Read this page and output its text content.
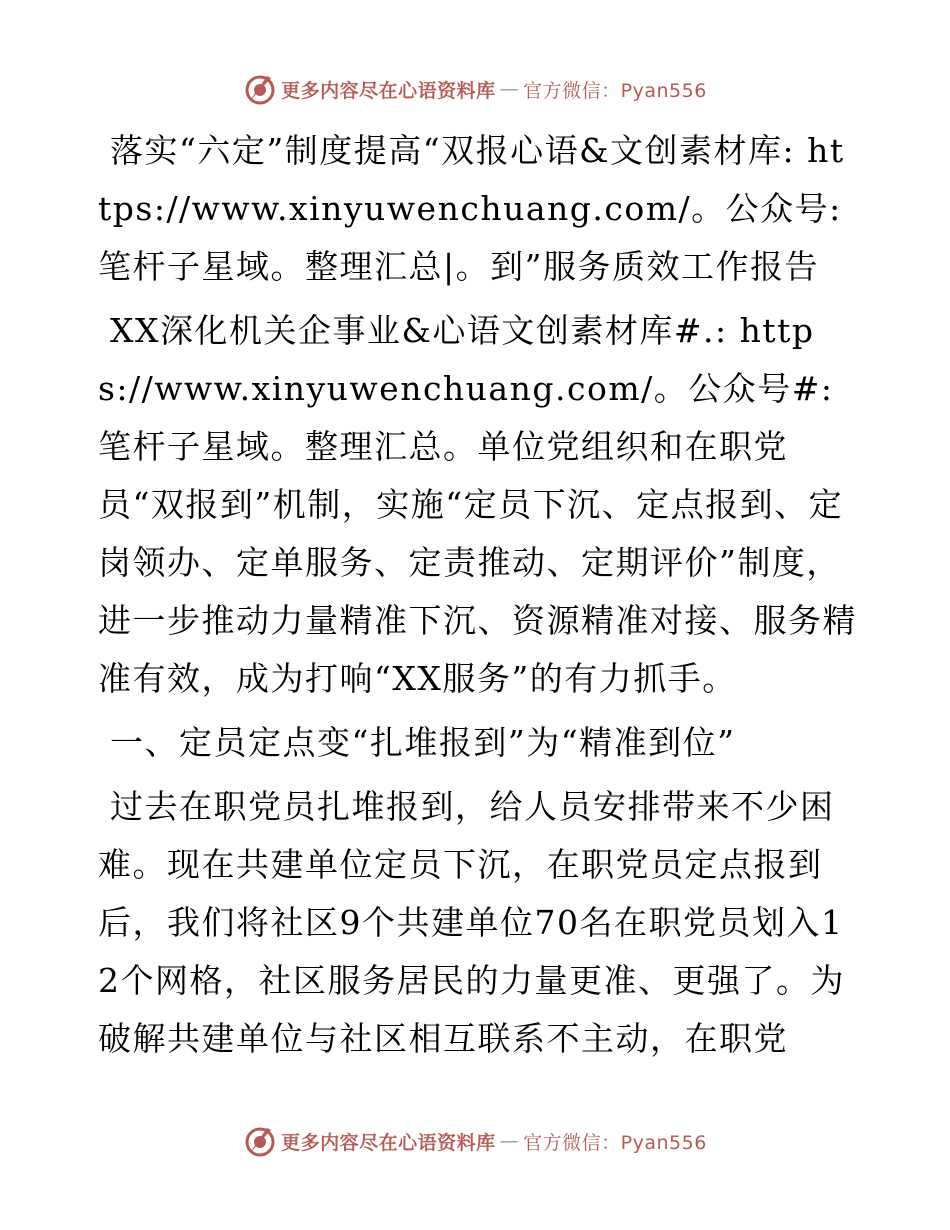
更多内容尽在心语资料库 — 官方微信：Pyan556

落实“六定”制度提高“双报心语&文创素材库: https://www.xinyuwenchuang.com/。公众号: 笔杆子星域。整理汇总|。到”服务质效工作报告

XX深化机关企事业&心语文创素材库#.: https://www.xinyuwenchuang.com/。公众号#: 笔杆子星域。整理汇总。单位党组织和在职党员“双报到”机制，实施“定员下沉、定点报到、定岗领办、定单服务、定责推动、定期评价”制度，进一步推动力量精准下沉、资源精准对接、服务精准有效，成为打响“XX服务”的有力抓手。

一、定员定点变“扎堆报到”为“精准到位”

过去在职党员扎堆报到，给人员安排带来不少困难。现在共建单位定员下沉，在职党员定点报到后，我们将社区9个共建单位70名在职党员划入12个网格，社区服务居民的力量更准、更强了。为破解共建单位与社区相互联系不主动，在职党

更多内容尽在心语资料库 — 官方微信：Pyan556
